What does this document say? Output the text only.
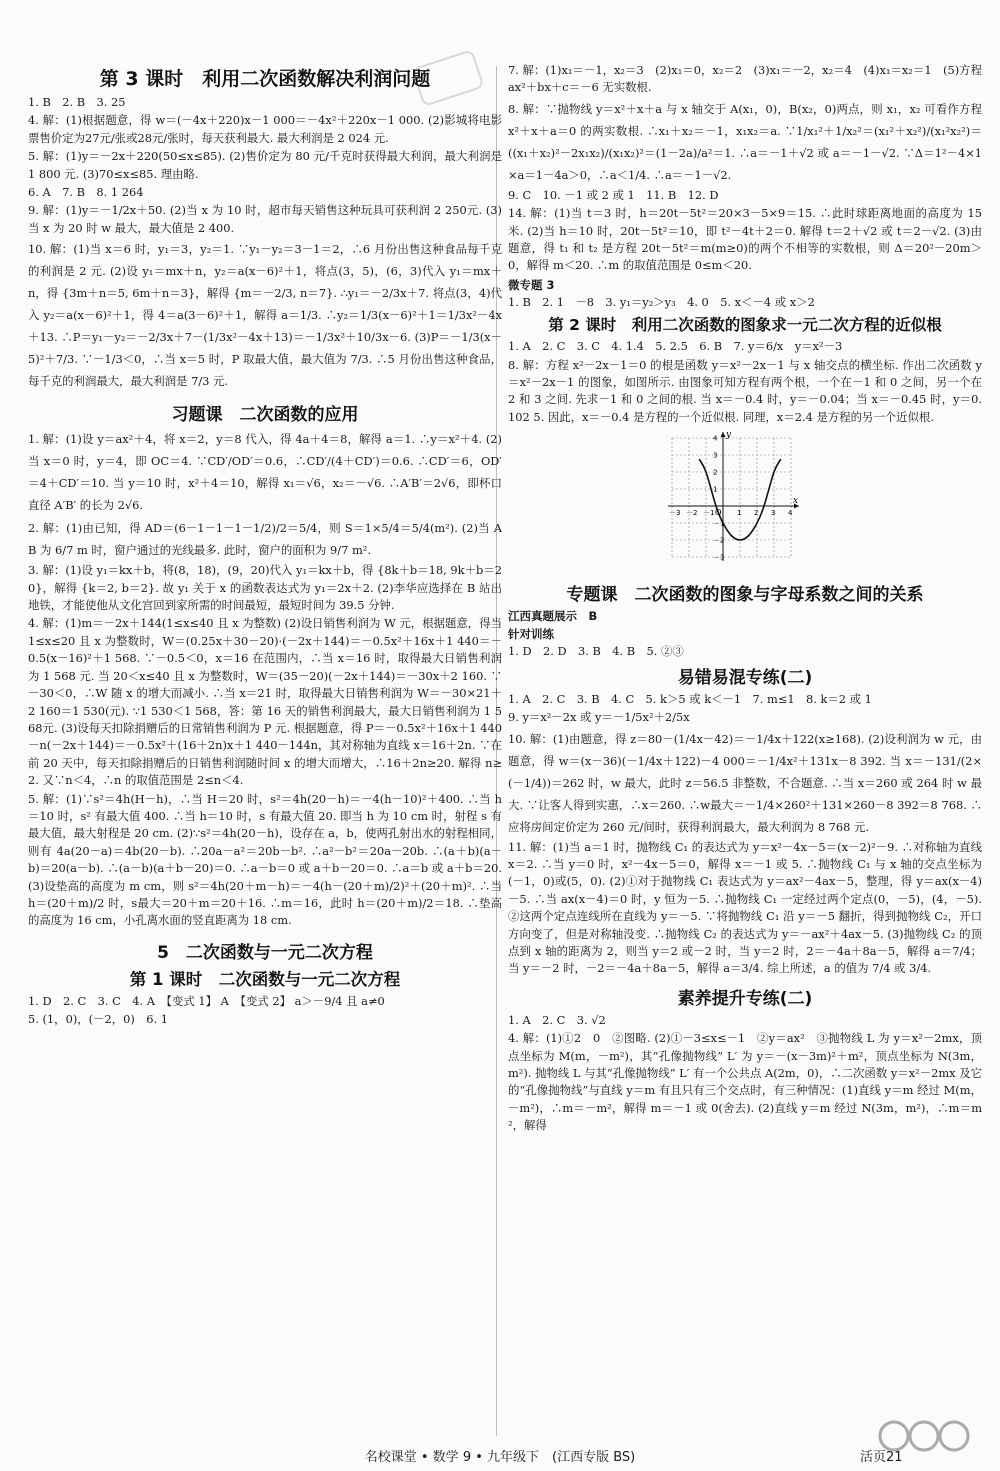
第 3 课时　利用二次函数解决利润问题

1. B　2. B　3. 25

4. 解：(1)根据题意，得 w＝(－4x＋220)x－1 000＝－4x²＋220x－1 000. (2)影城将电影票售价定为27元/张或28元/张时，每天获利最大. 最大利润是 2 024 元.

5. 解：(1)y＝－2x＋220(50≤x≤85). (2)售价定为 80 元/千克时获得最大利润，最大利润是 1 800 元. (3)70≤x≤85. 理由略.

6. A　7. B　8. 1 264

9. 解：(1)y＝－1/2x＋50. (2)当 x 为 10 时，超市每天销售这种玩具可获利润 2 250元. (3)当 x 为 20 时 w 最大，最大值是 2 400.

10. 解：(1)当 x＝6 时，y₁＝3，y₂＝1. ∵y₁－y₂＝3－1＝2，∴6 月份出售这种食品每千克的利润是 2 元. (2)设 y₁＝mx＋n，y₂＝a(x－6)²＋1，将点(3，5)，(6，3)代入 y₁＝mx＋n，得 {3m＋n＝5, 6m＋n＝3}，解得 {m＝－2/3, n＝7}. ∴y₁＝－2/3x＋7. 将点(3，4)代入 y₂＝a(x－6)²＋1，得 4＝a(3－6)²＋1，解得 a＝1/3. ∴y₂＝1/3(x－6)²＋1＝1/3x²－4x＋13. ∴P＝y₁－y₂＝－2/3x＋7－(1/3x²－4x＋13)＝－1/3x²＋10/3x－6. (3)P＝－1/3(x－5)²＋7/3. ∵－1/3＜0，∴当 x＝5 时，P 取最大值，最大值为 7/3. ∴5 月份出售这种食品，每千克的利润最大，最大利润是 7/3 元.

习题课　二次函数的应用

1. 解：(1)设 y＝ax²＋4，将 x＝2，y＝8 代入，得 4a＋4＝8，解得 a＝1. ∴y＝x²＋4. (2)当 x＝0 时，y＝4，即 OC＝4. ∵CD′/OD′＝0.6，∴CD′/(4＋CD′)＝0.6. ∴CD′＝6，OD′＝4＋CD′＝10. 当 y＝10 时，x²＋4＝10，解得 x₁＝√6，x₂＝－√6. ∴A′B′＝2√6，即杯口直径 A′B′ 的长为 2√6.

2. 解：(1)由已知，得 AD＝(6－1－1－1－1/2)/2＝5/4，则 S＝1×5/4＝5/4(m²). (2)当 AB 为 6/7 m 时，窗户通过的光线最多. 此时，窗户的面积为 9/7 m².

3. 解：(1)设 y₁＝kx＋b，将(8，18)，(9，20)代入 y₁＝kx＋b，得 {8k＋b＝18, 9k＋b＝20}，解得 {k＝2, b＝2}. 故 y₁ 关于 x 的函数表达式为 y₁＝2x＋2. (2)李华应选择在 B 站出地铁，才能使他从文化宫回到家所需的时间最短，最短时间为 39.5 分钟.

4. 解：(1)m＝－2x＋144(1≤x≤40 且 x 为整数) (2)设日销售利润为 W 元，根据题意，得当 1≤x≤20 且 x 为整数时，W＝(0.25x＋30－20)·(－2x＋144)＝－0.5x²＋16x＋1 440＝－0.5(x－16)²＋1 568. ∵－0.5＜0，x＝16 在范围内，∴当 x＝16 时，取得最大日销售利润为 1 568 元. 当 20＜x≤40 且 x 为整数时，W＝(35－20)(－2x＋144)＝－30x＋2 160. ∵－30＜0，∴W 随 x 的增大而减小. ∴当 x＝21 时，取得最大日销售利润为 W＝－30×21＋2 160＝1 530(元). ∵1 530＜1 568，答：第 16 天的销售利润最大，最大日销售利润为 1 568元. (3)设每天扣除捐赠后的日常销售利润为 P 元. 根据题意，得 P＝－0.5x²＋16x＋1 440－n(－2x＋144)＝－0.5x²＋(16＋2n)x＋1 440－144n，其对称轴为直线 x＝16＋2n. ∵在前 20 天中，每天扣除捐赠后的日销售利润随时间 x 的增大而增大，∴16＋2n≥20. 解得 n≥2. 又∵n＜4，∴n 的取值范围是 2≤n＜4.

5. 解：(1)∵s²＝4h(H－h)，∴当 H＝20 时，s²＝4h(20－h)＝－4(h－10)²＋400. ∴当 h＝10 时，s² 有最大值 400. ∴当 h＝10 时，s 有最大值 20. 即当 h 为 10 cm 时，射程 s 有最大值，最大射程是 20 cm. (2)∵s²＝4h(20－h)，设存在 a，b，使两孔射出水的射程相同，则有 4a(20－a)＝4b(20－b). ∴20a－a²＝20b－b². ∴a²－b²＝20a－20b. ∴(a＋b)(a－b)＝20(a－b). ∴(a－b)(a＋b－20)＝0. ∴a－b＝0 或 a＋b－20＝0. ∴a＝b 或 a＋b＝20. (3)设垫高的高度为 m cm，则 s²＝4h(20＋m－h)＝－4(h－(20＋m)/2)²＋(20＋m)². ∴当 h＝(20＋m)/2 时，s最大＝20＋m＝20＋16. ∴m＝16，此时 h＝(20＋m)/2＝18. ∴垫高的高度为 16 cm，小孔离水面的竖直距离为 18 cm.

5　二次函数与一元二次方程
第 1 课时　二次函数与一元二次方程

1. D　2. C　3. C　4. A　【变式 1】 A　【变式 2】 a＞－9/4 且 a≠0

5. (1，0)，(－2，0)　6. 1

7. 解：(1)x₁＝－1，x₂＝3　(2)x₁＝0，x₂＝2　(3)x₁＝－2，x₂＝4　(4)x₁＝x₂＝1　(5)方程 ax²＋bx＋c＝－6 无实数根.

8. 解：∵抛物线 y＝x²＋x＋a 与 x 轴交于 A(x₁，0)，B(x₂，0)两点，则 x₁，x₂ 可看作方程 x²＋x＋a＝0 的两实数根. ∴x₁＋x₂＝－1，x₁x₂＝a. ∵1/x₁²＋1/x₂²＝(x₁²＋x₂²)/(x₁²x₂²)＝((x₁＋x₂)²－2x₁x₂)/(x₁x₂)²＝(1－2a)/a²＝1. ∴a＝－1＋√2 或 a＝－1－√2. ∵Δ＝1²－4×1×a＝1－4a＞0，∴a＜1/4. ∴a＝－1－√2.

9. C　10. －1 或 2 或 1　11. B　12. D

14. 解：(1)当 t＝3 时，h＝20t－5t²＝20×3－5×9＝15. ∴此时球距离地面的高度为 15 米. (2)当 h＝10 时，20t－5t²＝10，即 t²－4t＋2＝0. 解得 t＝2＋√2 或 t＝2－√2. (3)由题意，得 t₁ 和 t₂ 是方程 20t－5t²＝m(m≥0)的两个不相等的实数根，则 Δ＝20²－20m＞0，解得 m＜20. ∴m 的取值范围是 0≤m＜20.

微专题 3

1. B　2. 1　－8　3. y₁＝y₂＞y₃　4. 0　5. x＜－4 或 x＞2

第 2 课时　利用二次函数的图象求一元二次方程的近似根

1. A　2. C　3. C　4. 1.4　5. 2.5　6. B　7. y＝6/x　y＝x²－3

8. 解：方程 x²－2x－1＝0 的根是函数 y＝x²－2x－1 与 x 轴交点的横坐标. 作出二次函数 y＝x²－2x－1 的图象，如图所示. 由图象可知方程有两个根，一个在－1 和 0 之间，另一个在 2 和 3 之间. 先求－1 和 0 之间的根. 当 x＝－0.4 时，y＝－0.04；当 x＝－0.45 时，y＝0.102 5. 因此，x＝－0.4 是方程的一个近似根. 同理，x＝2.4 是方程的另一个近似根.

－3 －2 －1	1 2 3 4
4
3
2
1
－1
－2
－3
x
y
O
专题课　二次函数的图象与字母系数之间的关系
江西真题展示　B
针对训练

1. D　2. D　3. B　4. B　5. ②③

易错易混专练(二)

1. A　2. C　3. B　4. C　5. k＞5 或 k＜－1　7. m≤1　8. k＝2 或 1

9. y＝x²－2x 或 y＝－1/5x²＋2/5x

10. 解：(1)由题意，得 z＝80－(1/4x－42)＝－1/4x＋122(x≥168). (2)设利润为 w 元，由题意，得 w＝(x－36)(－1/4x＋122)－4 000＝－1/4x²＋131x－8 392. 当 x＝－131/(2×(－1/4))＝262 时，w 最大，此时 z＝56.5 非整数，不合题意. ∴当 x＝260 或 264 时 w 最大. ∵让客人得到实惠，∴x＝260. ∴w最大＝－1/4×260²＋131×260－8 392＝8 768. ∴应将房间定价定为 260 元/间时，获得利润最大，最大利润为 8 768 元.

11. 解：(1)当 a＝1 时，抛物线 C₁ 的表达式为 y＝x²－4x－5＝(x－2)²－9. ∴对称轴为直线 x＝2. ∴当 y＝0 时，x²－4x－5＝0，解得 x＝－1 或 5. ∴抛物线 C₁ 与 x 轴的交点坐标为(－1，0)或(5，0). (2)①对于抛物线 C₁ 表达式为 y＝ax²－4ax－5，整理，得 y＝ax(x－4)－5. ∴当 ax(x－4)＝0 时，y 恒为－5. ∴抛物线 C₁ 一定经过两个定点(0，－5)，(4，－5). ②这两个定点连线所在直线为 y＝－5. ∵将抛物线 C₁ 沿 y＝－5 翻折，得到抛物线 C₂，开口方向变了，但是对称轴没变. ∴抛物线 C₂ 的表达式为 y＝－ax²＋4ax－5. (3)抛物线 C₂ 的顶点到 x 轴的距离为 2，则当 y＝2 或－2 时，当 y＝2 时，2＝－4a＋8a－5，解得 a＝7/4；当 y＝－2 时，－2＝－4a＋8a－5，解得 a＝3/4. 综上所述，a 的值为 7/4 或 3/4.

素养提升专练(二)

1. A　2. C　3. √2

4. 解：(1)①2　0　②图略. (2)①－3≤x≤－1　②y＝ax²　③抛物线 L 为 y＝x²－2mx，顶点坐标为 M(m，－m²)，其“孔像抛物线” L′ 为 y＝－(x－3m)²＋m²，顶点坐标为 N(3m，m²). 抛物线 L 与其“孔像抛物线” L′ 有一个公共点 A(2m，0)，∴二次函数 y＝x²－2mx 及它的“孔像抛物线”与直线 y＝m 有且只有三个交点时，有三种情况：(1)直线 y＝m 经过 M(m，－m²)，∴m＝－m²，解得 m＝－1 或 0(舍去). (2)直线 y＝m 经过 N(3m，m²)，∴m＝m²，解得

名校课堂 • 数学 9 • 九年级下　(江西专版 BS)	活页21
